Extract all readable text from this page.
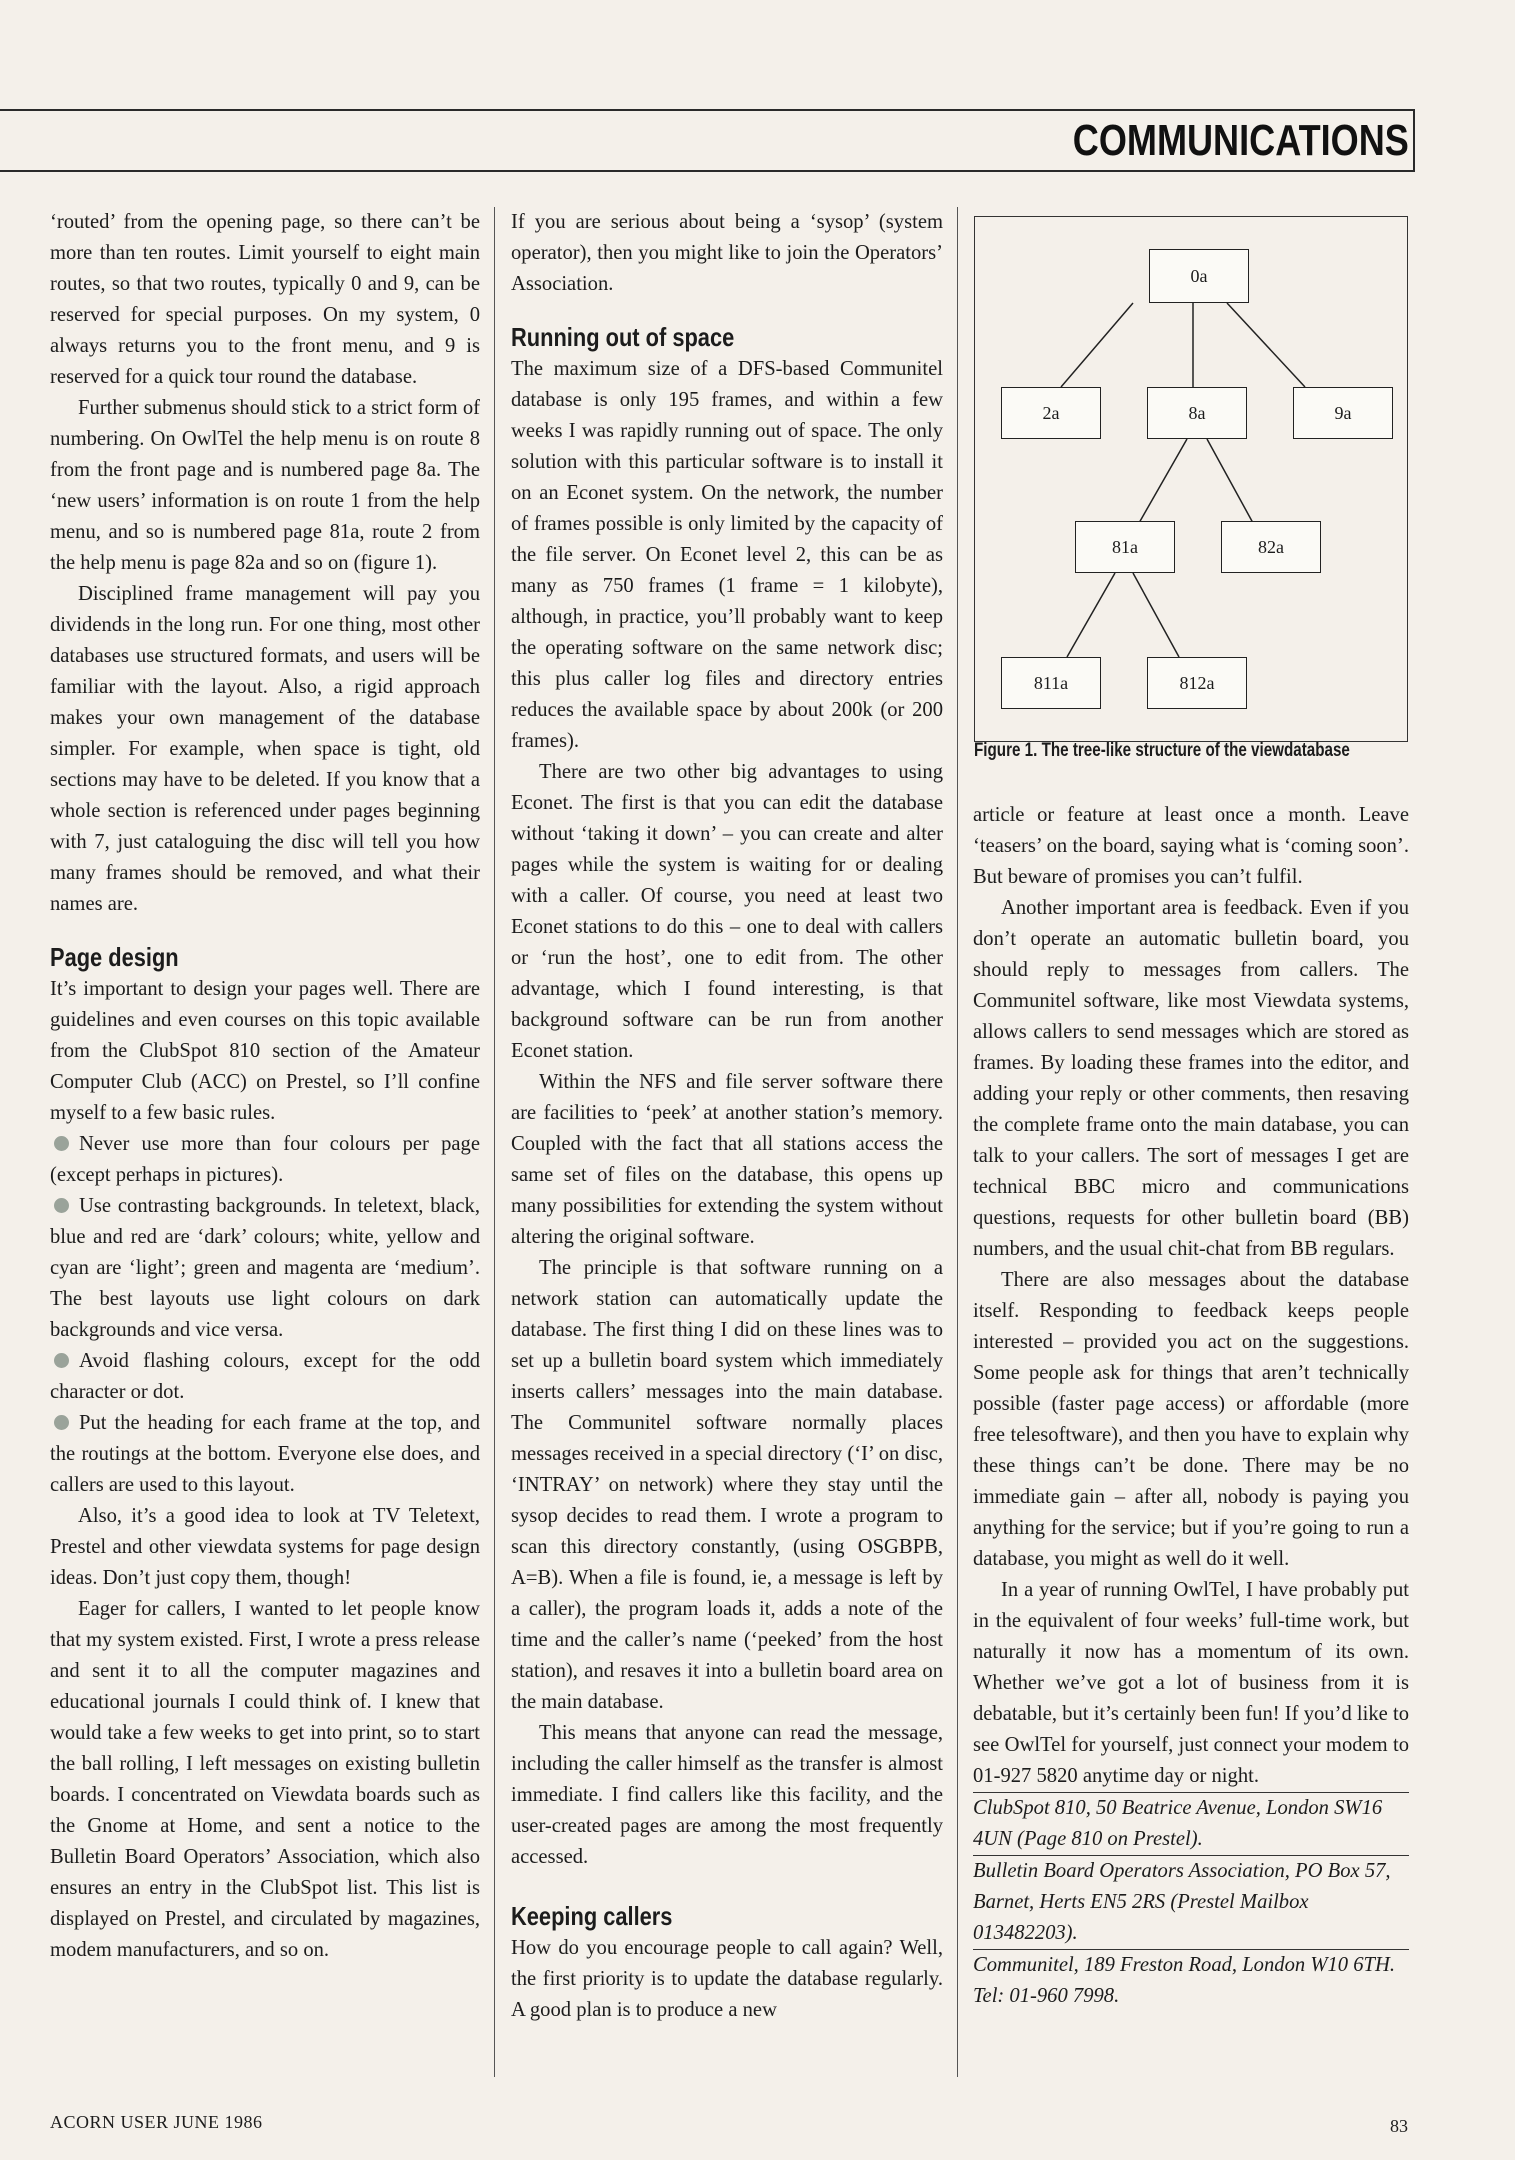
COMMUNICATIONS

‘routed’ from the opening page, so there can’t be more than ten routes. Limit yourself to eight main routes, so that two routes, typically 0 and 9, can be reserved for special purposes. On my system, 0 always returns you to the front menu, and 9 is reserved for a quick tour round the database.

Further submenus should stick to a strict form of numbering. On OwlTel the help menu is on route 8 from the front page and is numbered page 8a. The ‘new users’ information is on route 1 from the help menu, and so is numbered page 81a, route 2 from the help menu is page 82a and so on (figure 1).

Disciplined frame management will pay you dividends in the long run. For one thing, most other databases use structured formats, and users will be familiar with the layout. Also, a rigid approach makes your own management of the database simpler. For example, when space is tight, old sections may have to be deleted. If you know that a whole section is referenced under pages beginning with 7, just cataloguing the disc will tell you how many frames should be removed, and what their names are.

Page design

It’s important to design your pages well. There are guidelines and even courses on this topic available from the ClubSpot 810 section of the Amateur Computer Club (ACC) on Prestel, so I’ll confine myself to a few basic rules.

Never use more than four colours per page (except perhaps in pictures).

Use contrasting backgrounds. In teletext, black, blue and red are ‘dark’ colours; white, yellow and cyan are ‘light’; green and magenta are ‘medium’. The best layouts use light colours on dark backgrounds and vice versa.

Avoid flashing colours, except for the odd character or dot.

Put the heading for each frame at the top, and the routings at the bottom. Everyone else does, and callers are used to this layout.

Also, it’s a good idea to look at TV Teletext, Prestel and other viewdata systems for page design ideas. Don’t just copy them, though!

Eager for callers, I wanted to let people know that my system existed. First, I wrote a press release and sent it to all the computer magazines and educational journals I could think of. I knew that would take a few weeks to get into print, so to start the ball rolling, I left messages on existing bulletin boards. I concentrated on Viewdata boards such as the Gnome at Home, and sent a notice to the Bulletin Board Operators’ Association, which also ensures an entry in the ClubSpot list. This list is displayed on Prestel, and circulated by magazines, modem manufacturers, and so on.

If you are serious about being a ‘sysop’ (system operator), then you might like to join the Operators’ Association.

Running out of space

The maximum size of a DFS-based Communitel database is only 195 frames, and within a few weeks I was rapidly running out of space. The only solution with this particular software is to install it on an Econet system. On the network, the number of frames possible is only limited by the capacity of the file server. On Econet level 2, this can be as many as 750 frames (1 frame = 1 kilobyte), although, in practice, you’ll probably want to keep the operating software on the same network disc; this plus caller log files and directory entries reduces the available space by about 200k (or 200 frames).

There are two other big advantages to using Econet. The first is that you can edit the database without ‘taking it down’ – you can create and alter pages while the system is waiting for or dealing with a caller. Of course, you need at least two Econet stations to do this – one to deal with callers or ‘run the host’, one to edit from. The other advantage, which I found interesting, is that background software can be run from another Econet station.

Within the NFS and file server software there are facilities to ‘peek’ at another station’s memory. Coupled with the fact that all stations access the same set of files on the database, this opens up many possibilities for extending the system without altering the original software.

The principle is that software running on a network station can automatically update the database. The first thing I did on these lines was to set up a bulletin board system which immediately inserts callers’ messages into the main database. The Communitel software normally places messages received in a special directory (‘I’ on disc, ‘INTRAY’ on network) where they stay until the sysop decides to read them. I wrote a program to scan this directory constantly, (using OSGBPB, A=B). When a file is found, ie, a message is left by a caller), the program loads it, adds a note of the time and the caller’s name (‘peeked’ from the host station), and resaves it into a bulletin board area on the main database.

This means that anyone can read the message, including the caller himself as the transfer is almost immediate. I find callers like this facility, and the user-created pages are among the most frequently accessed.

Keeping callers

How do you encourage people to call again? Well, the first priority is to update the database regularly. A good plan is to produce a new

0a
2a	8a	9a
81a	82a
811a	812a
Figure 1. The tree-like structure of the viewdatabase

article or feature at least once a month. Leave ‘teasers’ on the board, saying what is ‘coming soon’. But beware of promises you can’t fulfil.

Another important area is feedback. Even if you don’t operate an automatic bulletin board, you should reply to messages from callers. The Communitel software, like most Viewdata systems, allows callers to send messages which are stored as frames. By loading these frames into the editor, and adding your reply or other comments, then resaving the complete frame onto the main database, you can talk to your callers. The sort of messages I get are technical BBC micro and communications questions, requests for other bulletin board (BB) numbers, and the usual chit-chat from BB regulars.

There are also messages about the database itself. Responding to feedback keeps people interested – provided you act on the suggestions. Some people ask for things that aren’t technically possible (faster page access) or affordable (more free telesoftware), and then you have to explain why these things can’t be done. There may be no immediate gain – after all, nobody is paying you anything for the service; but if you’re going to run a database, you might as well do it well.

In a year of running OwlTel, I have probably put in the equivalent of four weeks’ full-time work, but naturally it now has a momentum of its own. Whether we’ve got a lot of business from it is debatable, but it’s certainly been fun! If you’d like to see OwlTel for yourself, just connect your modem to 01-927 5820 anytime day or night.

ClubSpot 810, 50 Beatrice Avenue, London SW16 4UN (Page 810 on Prestel).

Bulletin Board Operators Association, PO Box 57, Barnet, Herts EN5 2RS (Prestel Mailbox 013482203).

Communitel, 189 Freston Road, London W10 6TH. Tel: 01-960 7998.

ACORN USER JUNE 1986	83
